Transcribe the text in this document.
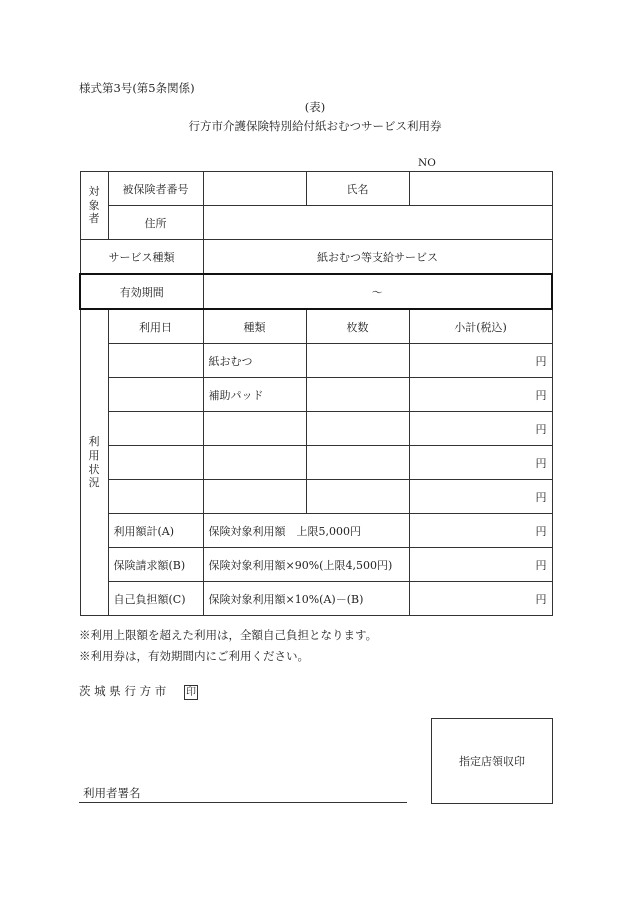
様式第3号(第5条関係)
(表)
行方市介護保険特別給付紙おむつサービス利用券
NO
対
象
者	被保険者番号		氏名	
	住所			
サービス種類		紙おむつ等支給サービス		
有効期間		～		

利
用
状
況	利用日	種類	枚数	小計(税込)
		紙おむつ		円
		補助パッド		円
				円
				円
				円
	利用額計(A)	保険対象利用額　上限5,000円		円
	保険請求額(B)	保険対象利用額×90%(上限4,500円)		円
	自己負担額(C)	保険対象利用額×10%(A)－(B)		円
※利用上限額を超えた利用は，全額自己負担となります。
※利用券は，有効期間内にご利用ください。
茨 城 県 行 方 市 印
指定店領収印
利用者署名
